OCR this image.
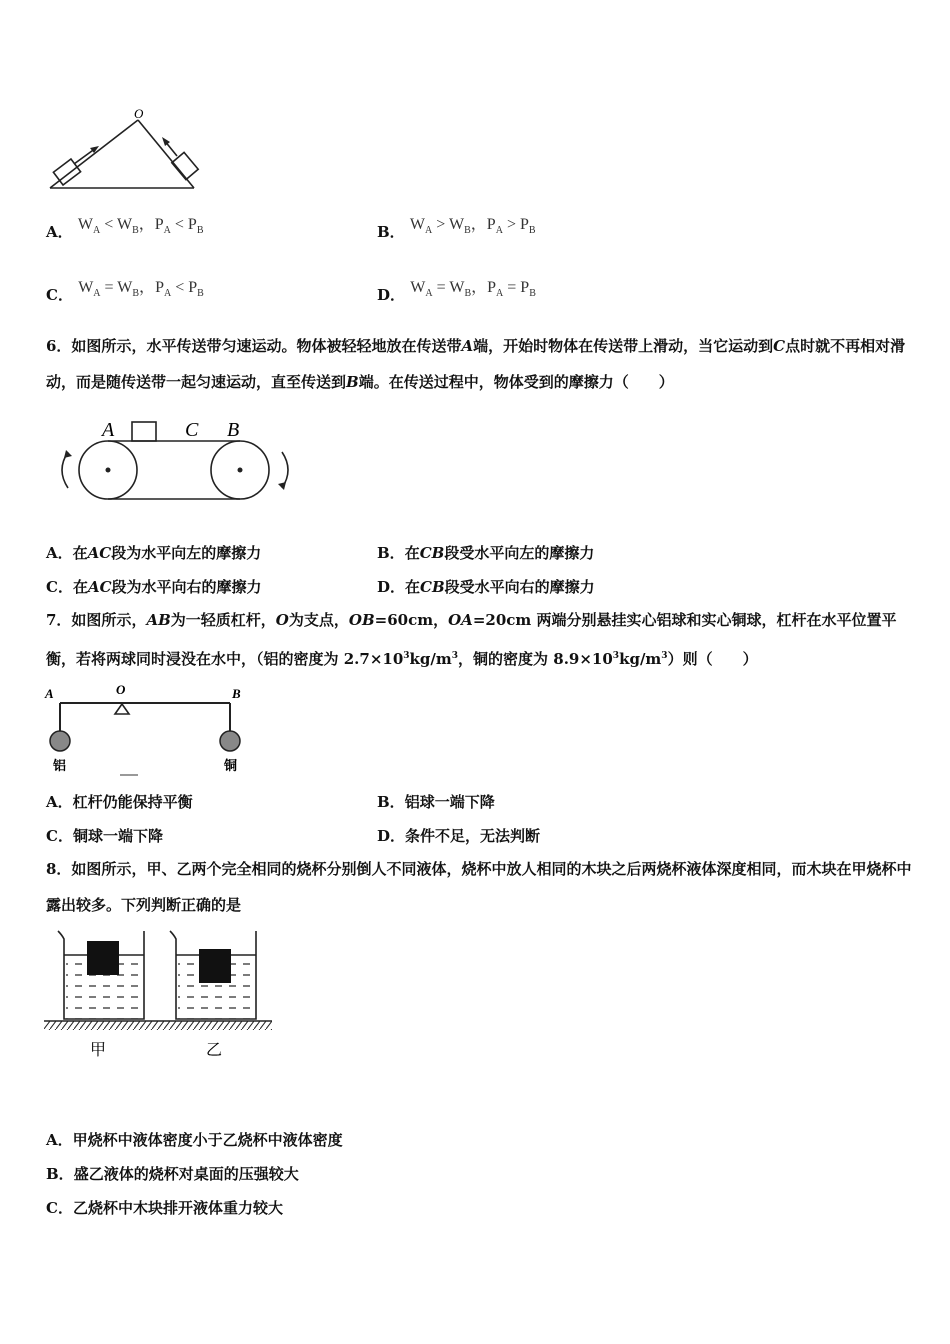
O
A． $W_A < W_B$，$P_A < P_B$	B． $W_A > W_B$，$P_A > P_B$
C． $W_A = W_B$，$P_A < P_B$	D． $W_A = W_B$，$P_A = P_B$
6．如图所示，水平传送带匀速运动。物体被轻轻地放在传送带A端，开始时物体在传送带上滑动，当它运动到C点时就不再相对滑动，而是随传送带一起匀速运动，直至传送到B端。在传送过程中，物体受到的摩擦力（　　）
A	C B
A．在AC段为水平向左的摩擦力	B．在CB段受水平向左的摩擦力
C．在AC段为水平向右的摩擦力	D．在CB段受水平向右的摩擦力
7．如图所示，AB为一轻质杠杆，O为支点，OB=60cm，OA=20cm 两端分别悬挂实心铝球和实心铜球，杠杆在水平位置平衡，若将两球同时浸没在水中，（铝的密度为 $2.7\times 10^3kg/m^3$，铜的密度为 $8.9\times 10^3kg/m^3$）则（　　）
A	O	B
铝	铜
A．杠杆仍能保持平衡	B．铝球一端下降
C．铜球一端下降	D．条件不足，无法判断
8．如图所示，甲、乙两个完全相同的烧杯分别倒人不同液体，烧杯中放人相同的木块之后两烧杯液体深度相同，而木块在甲烧杯中露出较多。下列判断正确的是
甲	乙
A．甲烧杯中液体密度小于乙烧杯中液体密度
B．盛乙液体的烧杯对桌面的压强较大
C．乙烧杯中木块排开液体重力较大
